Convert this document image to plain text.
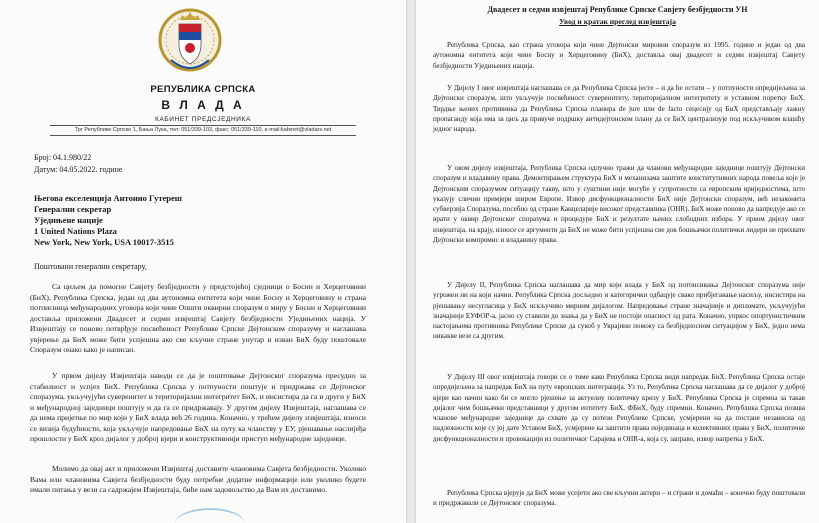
РЕПУБЛИКА СРПСКА
В Л А Д А
КАБИНЕТ ПРЕДСЈЕДНИКА
Трг Републике Српске 1, Бања Лука, тел: 051/339-103, факс: 051/339-110, e-mail:kabinet@vladars.net
Број: 04.1.980/22
Датум: 04.05.2022. године
Његова екселенција Антонио Гутереш
Генерални секретар
Уједињене нације
1 United Nations Plaza
New York, New York, USA 10017-3515
Поштовани генерални секретару,
Са циљем да помогне Савјету безбједности у предстојећој сједници о Босни и Херцеговини (БиХ), Република Српска, један од два аутономна ентитета који чине Босну и Херцеговину и страна потписница међународних уговора који чине Општи оквирни споразум о миру у Босни и Херцеговини доставља приложени Двадесет и седми извјештај Савјету безбједности Уједињених нација. У Извјештају се поново потврђује посвећеност Републике Српске Дејтонском споразуму и наглашава увјерење да БиХ може бити успјешна ако све кључне стране унутар и изван БиХ буду поштовале Споразум онако како је написан.
У првом дијелу Извјештаја наводи се да је поштовање Дејтонског споразума пресудно за стабилност и успјех БиХ. Република Српска у потпуности поштује и придржава се Дејтонског споразума, укључујући суверенитет и територијални интегритет БиХ, и инсистира да га и други у БиХ и међународној заједници поштују и да га се придржавају. У другом дијелу Извјештаја, наглашава се да нема пријетње по мир који у БиХ влада већ 26 година. Коначно, у трећем дијелу извјештаја, износи се визија будућности, која укључује напредовање БиХ на путу ка чланству у ЕУ, рјешавање наслијеђа прошлости у БиХ кроз дијалог у доброј вјери и конструктивнији приступ међународне заједнице.
Молимо да овај акт и приложени Извјештај доставите члановима Савјета безбједности. Уколико Вама или члановима Савјета безбједности буду потребне додатне информације или уколико будете имали питања у вези са садржајем Извјештаја, биће нам задовољство да Вам их доставимо.
Двадесет и седми извјештај Републике Српске Савјету безбједности УН
Увод и кратак преглед извјештаја
Република Српска, као страна уговора који чине Дејтонски мировни споразум из 1995. године и један од два аутономна ентитета који чине Босну и Херцеговину (БиХ), доставља овај двадесет и седми извјештај Савјету безбједности Уједињених нација.
У Дијелу I овог извјештаја наглашава се да Република Српска јесте – и да ће остати – у потпуности опредијељена за Дејтонски споразум, што укључује посвећеност суверенитету, територијалном интегритету и уставном поретку БиХ. Тврдње њених противника да Република Српска планира de jure или de facto сецесију од БиХ представљају лажну пропаганду која има за циљ да привуче подршку антидејтонском плану да се БиХ централизује под искључивом влашћу једног народа.
У овом дијелу извјештаја, Република Српска одлучно тражи да чланови међународне заједнице поштују Дејтонски споразум и владавину права. Демонтирањем структура БиХ и механизама заштите конститутивних народа повеља које је Дејтонским споразумом ситуацију такву, што у суштини није могуће у супротности са европским вриједностима, што указују слични примјери широм Европе. Извор дисфункционалности БиХ није Дејтонски споразум, већ незаконита субверзија Споразума, посебно од стране Канцеларије високог представника (OHR). БиХ може поново да напредује ако се врати у оквир Дејтонског споразума и процедуре БиХ и резултате њених слободних избора. У првом дијелу овог извјештаја, на крају, износе се аргументи да БиХ не може бити успјешна све док бошњачки политички лидери не прихвате Дејтонски компромис и владавину права.
У Дијелу II, Република Српска наглашава да мир који влада у БиХ од потписивања Дејтонског споразума није угрожен ни на који начин. Република Српска досљедно и категорички одбацује свако прибјегавање насиљу, инсистира на рјешавању несугласица у БиХ искључиво мирним дијалогом. Напредовање стране значајније и дипломате, укључујући значајније ЕУФОР-а, јасно су ставили до знања да у БиХ не постоји опасност од рата. Коначно, упркос опортунистичким настојањима противника Републике Српске да сукоб у Украјини повежу са безбједносном ситуацијом у БиХ, једно нема никакве везе са другим.
У Дијелу III овог извјештаја говори се о томе како Република Српска види напредак БиХ. Република Српска остаје опредијељена за напредак БиХ на путу европских интеграција. Уз то, Република Српска наглашава да се дијалог у доброј вјери као начин како би се могло рјешење за актуелну политичку кризу у БиХ. Република Српска је спремна за такав дијалог чим бошњачки представници у другом ентитету БиХ, ФБиХ, буду спремни. Коначно, Република Српска позива чланове међународне заједнице да схвате да су потези Републике Српске, усмјерени на да постане независна од надлежности које су јој дате Уставом БиХ, усмјерене ка заштити права појединаца и колективних права у БиХ, политичке дисфункционалности и провокацији из политичког Сарајева и OHR-а, која су, заправо, извор напретка у БиХ.
Република Српска вјерује да БиХ може успјети ако све кључни актери – и страни и домаћи – конечно буду поштовали и придржавали се Дејтонског споразума.
